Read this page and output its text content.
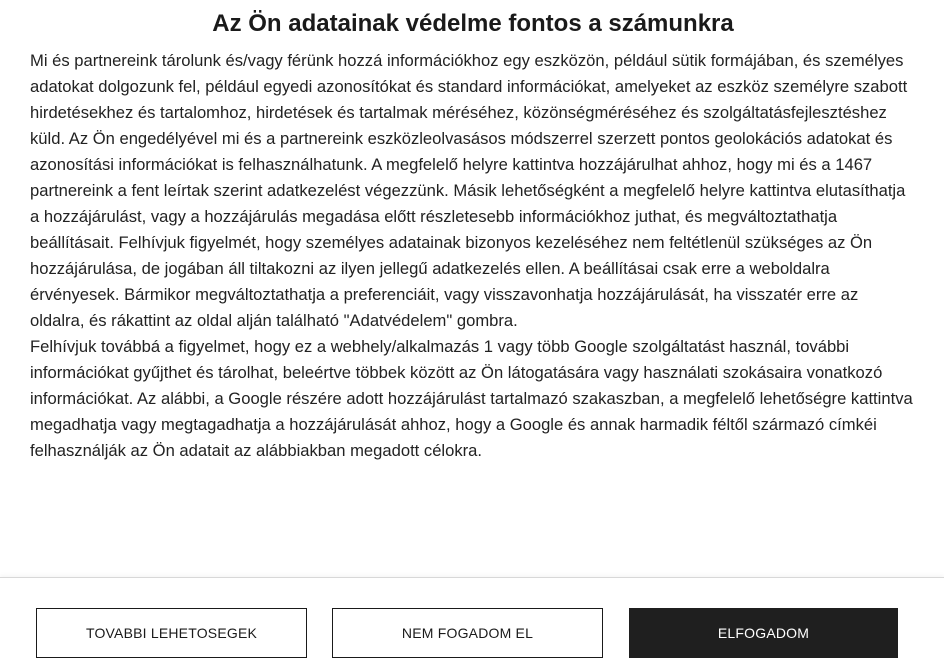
Az Ön adatainak védelme fontos a számunkra

Mi és partnereink tárolunk és/vagy férünk hozzá információkhoz egy eszközön, például sütik formájában, és személyes adatokat dolgozunk fel, például egyedi azonosítókat és standard információkat, amelyeket az eszköz személyre szabott hirdetésekhez és tartalomhoz, hirdetések és tartalmak méréséhez, közönségméréséhez és szolgáltatásfejlesztéshez küld. Az Ön engedélyével mi és a partnereink eszközleolvasásos módszerrel szerzett pontos geolokációs adatokat és azonosítási információkat is felhasználhatunk. A megfelelő helyre kattintva hozzájárulhat ahhoz, hogy mi és a 1467 partnereink a fent leírtak szerint adatkezelést végezzünk. Másik lehetőségként a megfelelő helyre kattintva elutasíthatja a hozzájárulást, vagy a hozzájárulás megadása előtt részletesebb információkhoz juthat, és megváltoztathatja beállításait. Felhívjuk figyelmét, hogy személyes adatainak bizonyos kezeléséhez nem feltétlenül szükséges az Ön hozzájárulása, de jogában áll tiltakozni az ilyen jellegű adatkezelés ellen. A beállításai csak erre a weboldalra érvényesek. Bármikor megváltoztathatja a preferenciáit, vagy visszavonhatja hozzájárulását, ha visszatér erre az oldalra, és rákattint az oldal alján található "Adatvédelem" gombra.

Felhívjuk továbbá a figyelmet, hogy ez a webhely/alkalmazás 1 vagy több Google szolgáltatást használ, további információkat gyűjthet és tárolhat, beleértve többek között az Ön látogatására vagy használati szokásaira vonatkozó információkat. Az alábbi, a Google részére adott hozzájárulást tartalmazó szakaszban, a megfelelő lehetőségre kattintva megadhatja vagy megtagadhatja a hozzájárulását ahhoz, hogy a Google és annak harmadik féltől származó címkéi felhasználják az Ön adatait az alábbiakban megadott célokra.

TOVABBI LEHETOSEGEK	NEM FOGADOM EL	ELFOGADOM
